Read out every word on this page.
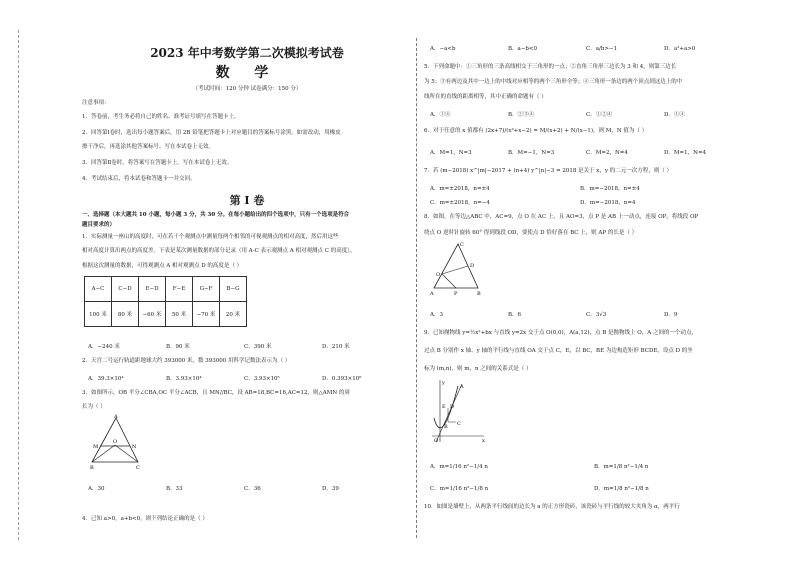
2023 年中考数学第二次模拟考试卷
数 学
（考试时间：120 分钟 试卷满分：150 分）
注意事项：
1．答卷前，考生务必将自己的姓名、准考证号填写在答题卡上。
2．回答第Ⅰ卷时，选出每小题答案后，用 2B 铅笔把答题卡上对应题目的答案标号涂黑。如需改动，用橡皮
擦干净后，再选涂其他答案标号。写在本试卷上无效。
3．回答第Ⅱ卷时，将答案写在答题卡上。写在本试卷上无效。
4．考试结束后，将本试卷和答题卡一并交回。
第 Ⅰ 卷
一、选择题（本大题共 10 小题，每小题 3 分，共 30 分。在每小题给出的四个选项中，只有一个选项是符合
题目要求的）
1．实际测量一座山的高度时，可在若干个观测点中测量每两个相邻的可视观测点的相对高度，然后用这些
相对高度计算出两点的高度差。下表是某次测量数据的部分记录（用 A-C 表示观测点 A 相对观测点 C 的高度），
根据这次测量的数据，可得观测点 A 相对观测点 D 的高度是（ ）
A−C	C−D	E−D	F−E	G−F	B−G
100 米	80 米	−60 米	50 米	−70 米	20 米
A．−240 米	B．90 米	C．390 米	D．210 米
2．天宫二号运行轨道距地球大约 393000 米，数 393000 用科学记数法表示为（ ）
A．39.3×10⁴	B．3.93×10⁴	C．3.93×10⁵	D．0.393×10⁶
3．如图所示，OB 平分∠CBA,OC 平分∠ACB，且 MN//BC，设 AB=18,BC=16,AC=12，则△AMN 的周
长为（ ）
A
M
O
N
B	C
A．30	B．33	C．36	D．39
4．已知 a>0，a+b<0，则下列结论正确的是（ ）
A．−a<b	B．a−b<0	C．a/b>−1	D．a²+a>0
5．下列命题中：①三角形的三条高线相交于三角形的一点；②直角三角形三边长为 3 和 4，则第三边长
为 5；③有两边及其中一边上的中线对应相等的两个三角形全等；④三角形一条边的两个顶点到这边上的中
线所在的直线的距离相等，其中正确的命题有（ ）
A．①④	B．②③④	C．①②④	D．①④
6．对于任意的 x 值都有 (2x+7)/(x²+x−2) = M/(x+2) + N/(x−1)，则 M，N 值为（ ）
A．M=1，N=3	B．M=−1，N=3	C．M=2，N=4	D．M=1，N=4
7．若 (m−2018) x^|m|−2017 + (n+4) y^|n|−3 = 2018 是关于 x，y 的二元一次方程，则（ ）
A．m=±2018，n=±4	B．m=−2018，n=±4
C．m=±2018，n=−4	D．m=−2018，n=4
8．如图，在等边△ABC 中，AC=9，点 O 在 AC 上，且 AO=3，点 P 是 AB 上一动点，连接 OP，将线段 OP
绕点 O 逆时针旋转 60° 得到线段 OD，要使点 D 恰好落在 BC 上，则 AP 的长是（ ）
C
D
O
A	P	B
A．3	B．6	C．3√3	D．9
9．已知抛物线 y=½x²+bx 与直线 y=2x 交于点 O(0,0)，A(a,12)，点 B 是抛物线上 O，A 之间的一个动点，
过点 B 分别作 x 轴、y 轴的平行线与直线 OA 交于点 C，E，以 BC，BE 为边构造矩形 BCDE，设点 D 的坐
标为 (m,n)，则 m，n 之间的关系式是（ ）
y
x
O
A
B C
D
E
A．m=1/16 n²−1/4 n	B．m=1/8 n²−1/4 n
C．m=1/16 n²−1/8 n	D．m=1/8 n²−1/8 n
10．如图是墙壁上，从两条平行线间的边长为 a 的正方形瓷砖，该瓷砖与平行线的较大夹角为 α，两平行
